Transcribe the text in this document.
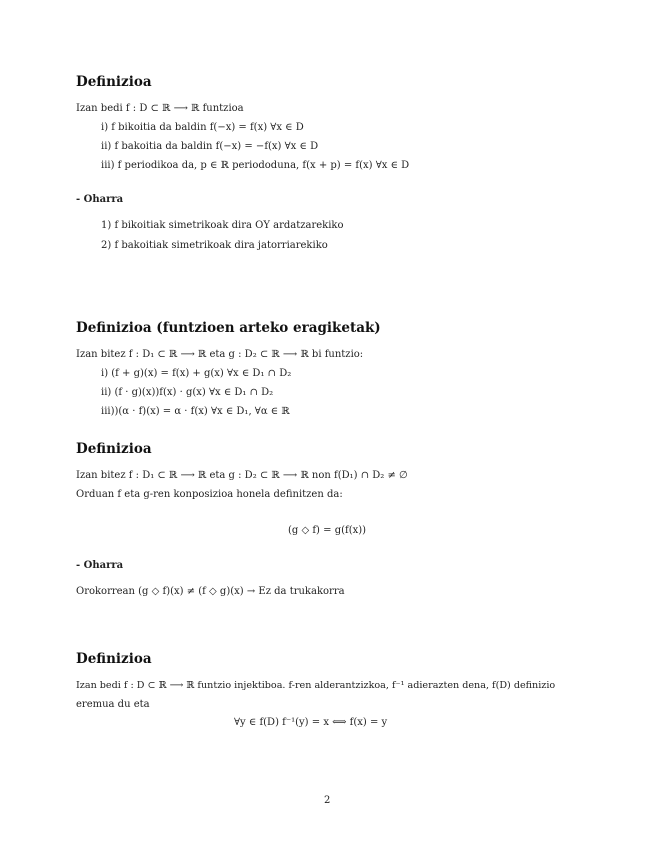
Definizioa
Izan bedi f : D ⊂ ℝ ⟶ ℝ funtzioa
i) f bikoitia da baldin f(−x) = f(x) ∀x ∈ D
ii) f bakoitia da baldin f(−x) = −f(x) ∀x ∈ D
iii) f periodikoa da, p ∈ ℝ periododuna, f(x + p) = f(x) ∀x ∈ D
- Oharra
1) f bikoitiak simetrikoak dira OY ardatzarekiko
2) f bakoitiak simetrikoak dira jatorriarekiko
Definizioa (funtzioen arteko eragiketak)
Izan bitez f : D₁ ⊂ ℝ ⟶ ℝ eta g : D₂ ⊂ ℝ ⟶ ℝ bi funtzio:
i) (f + g)(x) = f(x) + g(x) ∀x ∈ D₁ ∩ D₂
ii) (f · g)(x))f(x) · g(x) ∀x ∈ D₁ ∩ D₂
iii))(α · f)(x) = α · f(x) ∀x ∈ D₁, ∀α ∈ ℝ
Definizioa
Izan bitez f : D₁ ⊂ ℝ ⟶ ℝ eta g : D₂ ⊂ ℝ ⟶ ℝ non f(D₁) ∩ D₂ ≠ ∅
Orduan f eta g-ren konposizioa honela definitzen da:
(g ◇ f) = g(f(x))
- Oharra
Orokorrean (g ◇ f)(x) ≠ (f ◇ g)(x) → Ez da trukakorra
Definizioa
Izan bedi f : D ⊂ ℝ ⟶ ℝ funtzio injektiboa. f-ren alderantzizkoa, f⁻¹ adierazten dena, f(D) definizio
eremua du eta
∀y ∈ f(D) f⁻¹(y) = x ⟺ f(x) = y
2
